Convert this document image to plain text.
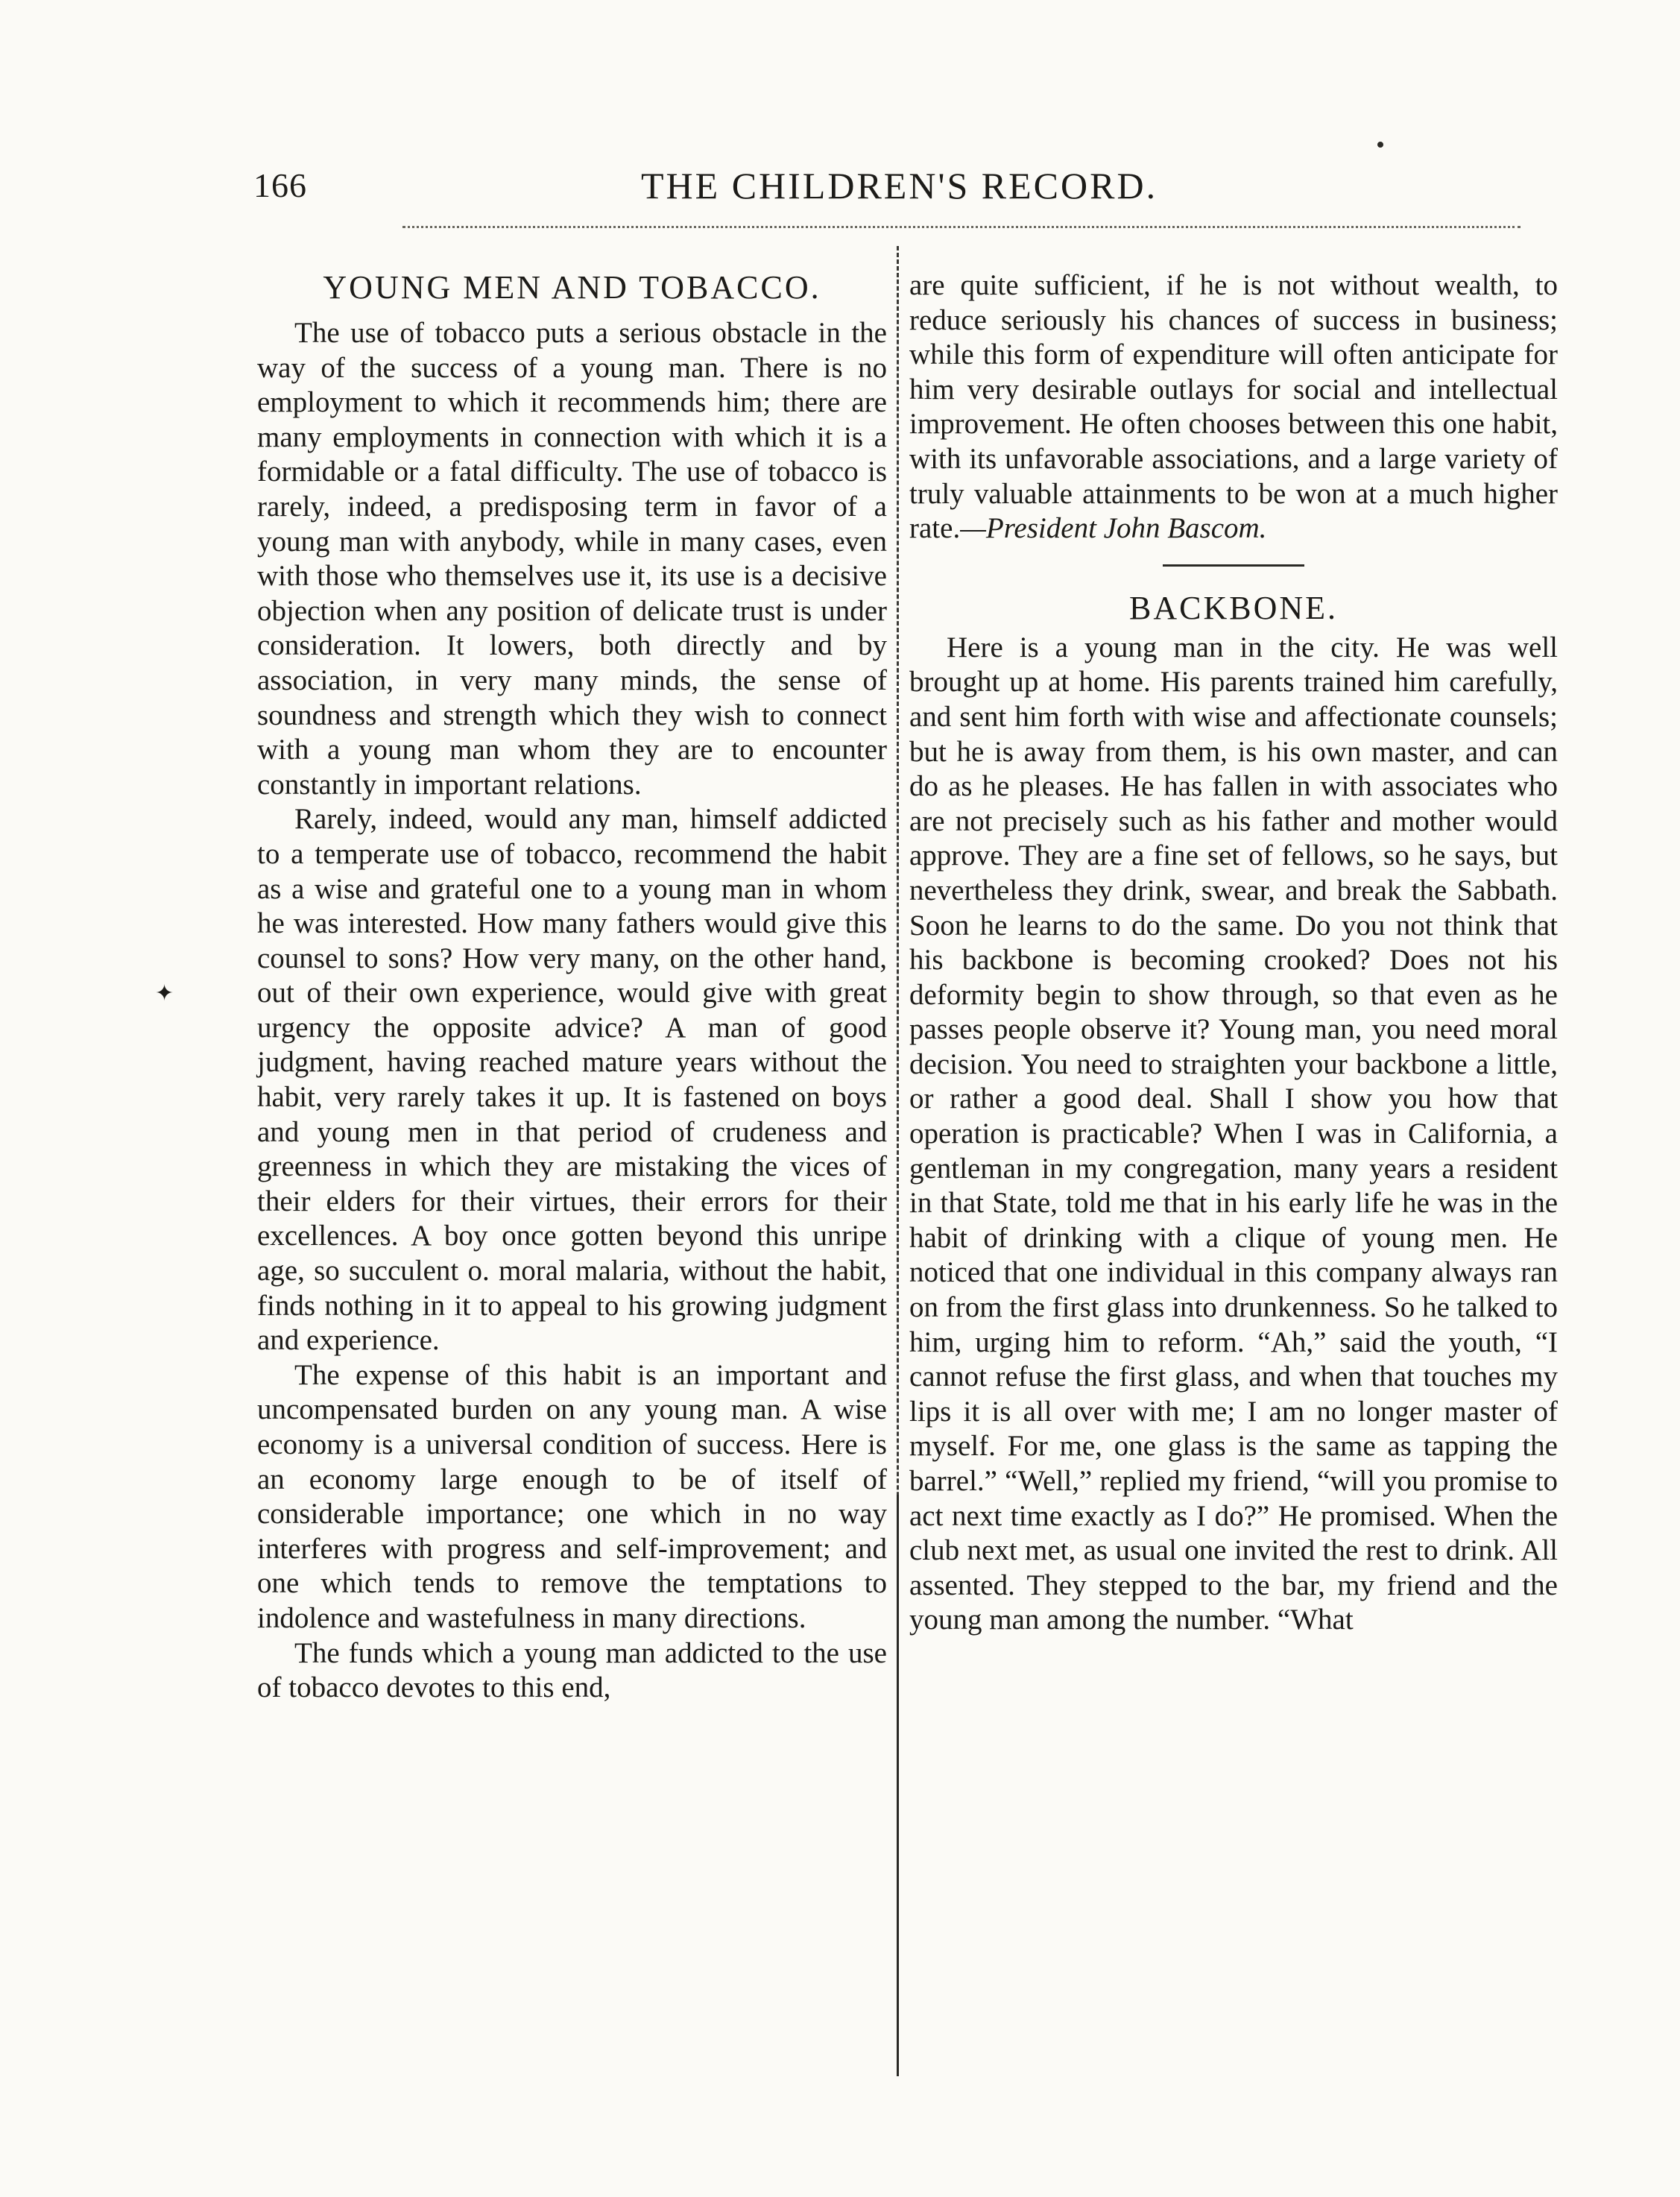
166	THE CHILDREN'S RECORD.
✦
YOUNG MEN AND TOBACCO.

The use of tobacco puts a serious obstacle in the way of the success of a young man. There is no employment to which it recommends him; there are many employments in connection with which it is a formidable or a fatal difficulty. The use of tobacco is rarely, indeed, a predisposing term in favor of a young man with anybody, while in many cases, even with those who themselves use it, its use is a decisive objection when any position of delicate trust is under consideration. It lowers, both directly and by association, in very many minds, the sense of soundness and strength which they wish to connect with a young man whom they are to encounter constantly in important relations.

Rarely, indeed, would any man, himself addicted to a temperate use of tobacco, recommend the habit as a wise and grateful one to a young man in whom he was interested. How many fathers would give this counsel to sons? How very many, on the other hand, out of their own experience, would give with great urgency the opposite advice? A man of good judgment, having reached mature years without the habit, very rarely takes it up. It is fastened on boys and young men in that period of crudeness and greenness in which they are mistaking the vices of their elders for their virtues, their errors for their excellences. A boy once gotten beyond this unripe age, so succulent o. moral malaria, without the habit, finds nothing in it to appeal to his growing judgment and experience.

The expense of this habit is an important and uncompensated burden on any young man. A wise economy is a universal condition of success. Here is an economy large enough to be of itself of considerable importance; one which in no way interferes with progress and self-improvement; and one which tends to remove the temptations to indolence and wastefulness in many directions.

The funds which a young man addicted to the use of tobacco devotes to this end,

are quite sufficient, if he is not without wealth, to reduce seriously his chances of success in business; while this form of expenditure will often anticipate for him very desirable outlays for social and intellectual improvement. He often chooses between this one habit, with its unfavorable associations, and a large variety of truly valuable attainments to be won at a much higher rate.—President John Bascom.

BACKBONE.

Here is a young man in the city. He was well brought up at home. His parents trained him carefully, and sent him forth with wise and affectionate counsels; but he is away from them, is his own master, and can do as he pleases. He has fallen in with associates who are not precisely such as his father and mother would approve. They are a fine set of fellows, so he says, but nevertheless they drink, swear, and break the Sabbath. Soon he learns to do the same. Do you not think that his backbone is becoming crooked? Does not his deformity begin to show through, so that even as he passes people observe it? Young man, you need moral decision. You need to straighten your backbone a little, or rather a good deal. Shall I show you how that operation is practicable? When I was in California, a gentleman in my congregation, many years a resident in that State, told me that in his early life he was in the habit of drinking with a clique of young men. He noticed that one individual in this company always ran on from the first glass into drunkenness. So he talked to him, urging him to reform. “Ah,” said the youth, “I cannot refuse the first glass, and when that touches my lips it is all over with me; I am no longer master of myself. For me, one glass is the same as tapping the barrel.” “Well,” replied my friend, “will you promise to act next time exactly as I do?” He promised. When the club next met, as usual one invited the rest to drink. All assented. They stepped to the bar, my friend and the young man among the number. “What
